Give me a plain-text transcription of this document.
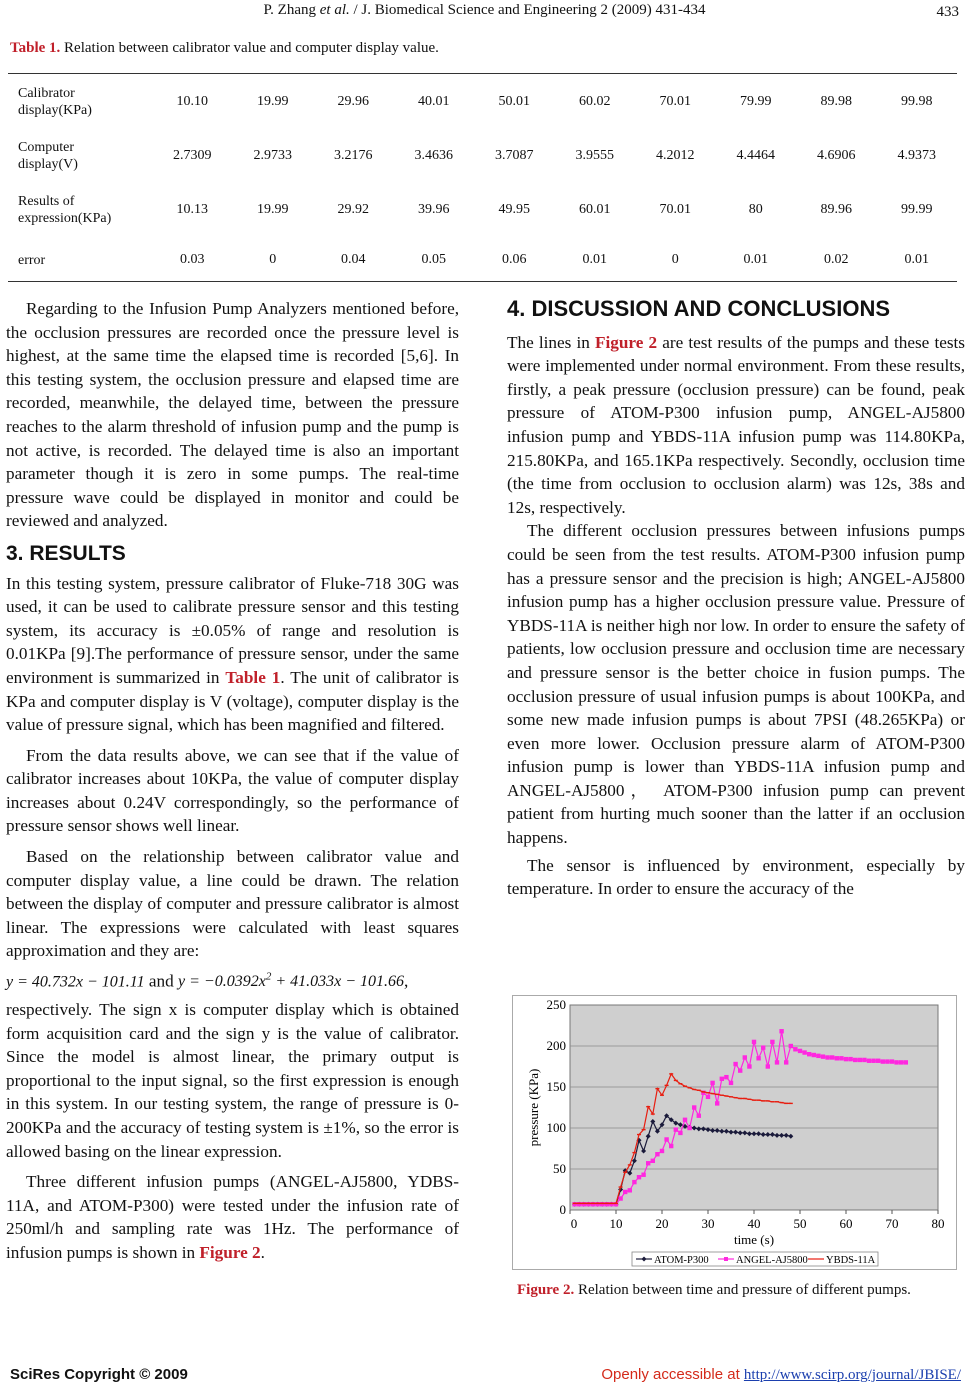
P. Zhang et al. / J. Biomedical Science and Engineering 2 (2009) 431-434	433
Table 1. Relation between calibrator value and computer display value.
Calibrator
display(KPa)	10.10	19.99	29.96	40.01	50.01	60.02	70.01	79.99	89.98	99.98
Computer
display(V)	2.7309	2.9733	3.2176	3.4636	3.7087	3.9555	4.2012	4.4464	4.6906	4.9373
Results of
expression(KPa)	10.13	19.99	29.92	39.96	49.95	60.01	70.01	80	89.96	99.99
error	0.03	0	0.04	0.05	0.06	0.01	0	0.01	0.02	0.01

Regarding to the Infusion Pump Analyzers mentioned before, the occlusion pressures are recorded once the pressure level is highest, at the same time the elapsed time is recorded [5,6]. In this testing system, the occlusion pressure and elapsed time are recorded, meanwhile, the delayed time, between the pressure reaches to the alarm threshold of infusion pump and the pump is not active, is recorded. The delayed time is also an important parameter though it is zero in some pumps. The real-time pressure wave could be displayed in monitor and could be reviewed and analyzed.

3. RESULTS

In this testing system, pressure calibrator of Fluke-718 30G was used, it can be used to calibrate pressure sensor and this testing system, its accuracy is ±0.05% of range and resolution is 0.01KPa [9].The performance of pressure sensor, under the same environment is summarized in Table 1. The unit of calibrator is KPa and computer display is V (voltage), computer display is the value of pressure signal, which has been magnified and filtered.

From the data results above, we can see that if the value of calibrator increases about 10KPa, the value of computer display increases about 0.24V correspondingly, so the performance of pressure sensor shows well linear.

Based on the relationship between calibrator value and computer display value, a line could be drawn. The relation between the display of computer and pressure calibrator is almost linear. The expressions were calculated with least squares approximation and they are:

y = 40.732x − 101.11 and $y = -0.0392x^2 + 41.033x - 101.66$,

respectively. The sign x is computer display which is obtained form acquisition card and the sign y is the value of calibrator. Since the model is almost linear, the primary output is proportional to the input signal, so the first expression is enough in this system. In our testing system, the range of pressure is 0-200KPa and the accuracy of testing system is ±1%, so the error is allowed basing on the linear expression.

Three different infusion pumps (ANGEL-AJ5800, YDBS-11A, and ATOM-P300) were tested under the infusion rate of 250ml/h and sampling rate was 1Hz. The performance of infusion pumps is shown in Figure 2.

4. DISCUSSION AND CONCLUSIONS

The lines in Figure 2 are test results of the pumps and these tests were implemented under normal environment. From these results, firstly, a peak pressure (occlusion pressure) can be found, peak pressure of ATOM-P300 infusion pump, ANGEL-AJ5800 infusion pump and YBDS-11A infusion pump was 114.80KPa, 215.80KPa, and 165.1KPa respectively. Secondly, occlusion time (the time from occlusion to occlusion alarm) was 12s, 38s and 12s, respectively.

The different occlusion pressures between infusions pumps could be seen from the test results. ATOM-P300 infusion pump has a pressure sensor and the precision is high; ANGEL-AJ5800 infusion pump has a higher occlusion pressure value. Pressure of YBDS-11A is neither high nor low. In order to ensure the safety of patients, low occlusion pressure and occlusion time are necessary and pressure sensor is the better choice in fusion pumps. The occlusion pressure of usual infusion pumps is about 100KPa, and some new made infusion pumps is about 7PSI (48.265KPa) or even more lower. Occlusion pressure alarm of ATOM-P300 infusion pump is lower than YBDS-11A infusion pump and ANGEL-AJ5800， ATOM-P300 infusion pump can prevent patient from hurting much sooner than the latter if an occlusion happens.

The sensor is influenced by environment, especially by temperature. In order to ensure the accuracy of the

0
50
100
150
200
250
0 10	20	30	40	50	60	70	80
time (s)
pressure (KPa)
ATOM-P300	ANGEL-AJ5800 YBDS-11A
Figure 2. Relation between time and pressure of different pumps.
SciRes Copyright © 2009	Openly accessible at http://www.scirp.org/journal/JBISE/
